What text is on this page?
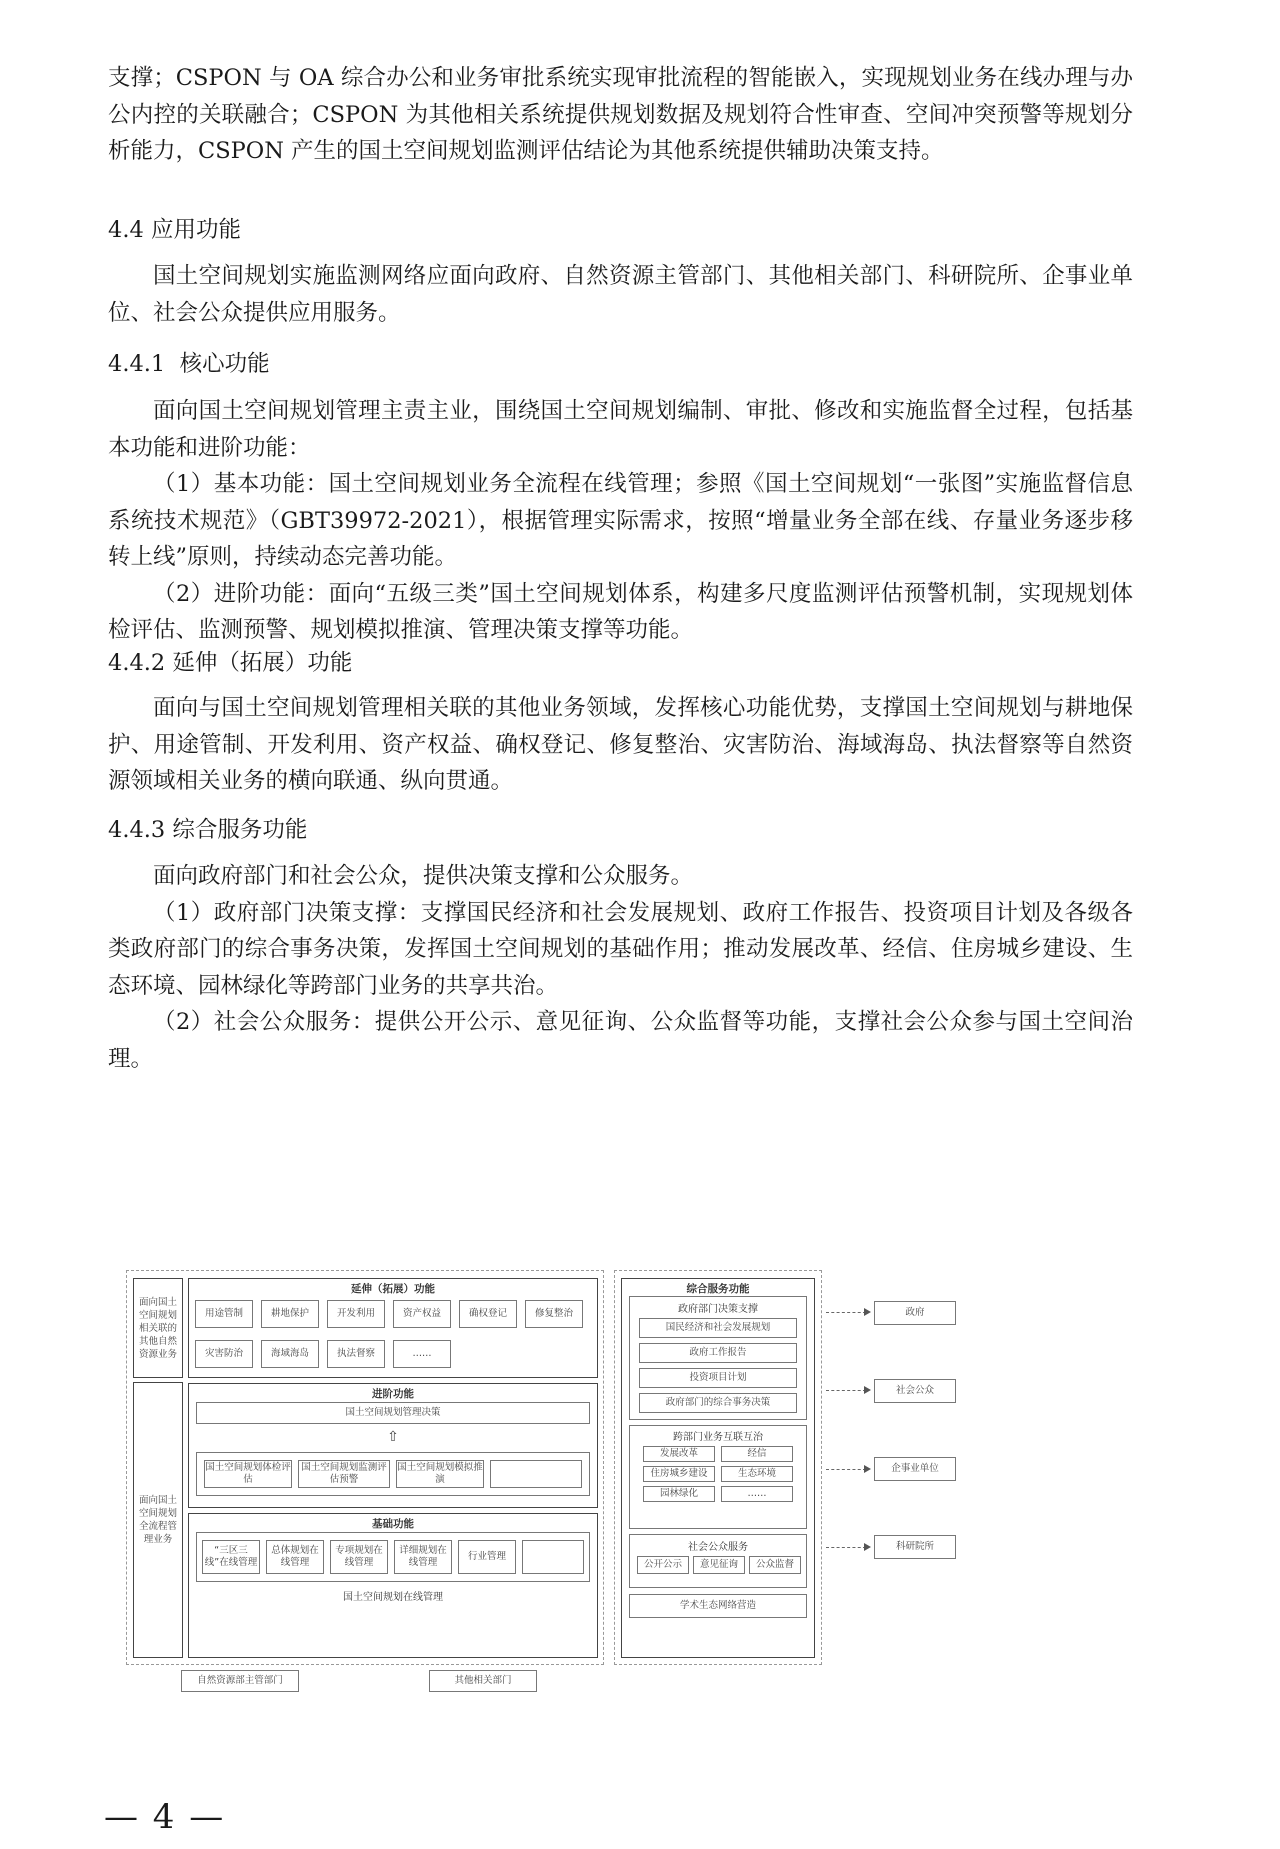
支撑；CSPON 与 OA 综合办公和业务审批系统实现审批流程的智能嵌入，实现规划业务在线办理与办公内控的关联融合；CSPON 为其他相关系统提供规划数据及规划符合性审查、空间冲突预警等规划分析能力，CSPON 产生的国土空间规划监测评估结论为其他系统提供辅助决策支持。

4.4 应用功能

国土空间规划实施监测网络应面向政府、自然资源主管部门、其他相关部门、科研院所、企事业单位、社会公众提供应用服务。

4.4.1 核心功能

面向国土空间规划管理主责主业，围绕国土空间规划编制、审批、修改和实施监督全过程，包括基本功能和进阶功能：

（1）基本功能：国土空间规划业务全流程在线管理；参照《国土空间规划“一张图”实施监督信息系统技术规范》（GBT39972-2021），根据管理实际需求，按照“增量业务全部在线、存量业务逐步移转上线”原则，持续动态完善功能。

（2）进阶功能：面向“五级三类”国土空间规划体系，构建多尺度监测评估预警机制，实现规划体检评估、监测预警、规划模拟推演、管理决策支撑等功能。

4.4.2 延伸（拓展）功能

面向与国土空间规划管理相关联的其他业务领域，发挥核心功能优势，支撑国土空间规划与耕地保护、用途管制、开发利用、资产权益、确权登记、修复整治、灾害防治、海域海岛、执法督察等自然资源领域相关业务的横向联通、纵向贯通。

4.4.3 综合服务功能

面向政府部门和社会公众，提供决策支撑和公众服务。

（1）政府部门决策支撑：支撑国民经济和社会发展规划、政府工作报告、投资项目计划及各级各类政府部门的综合事务决策，发挥国土空间规划的基础作用；推动发展改革、经信、住房城乡建设、生态环境、园林绿化等跨部门业务的共享共治。

（2）社会公众服务：提供公开公示、意见征询、公众监督等功能，支撑社会公众参与国土空间治理。

面向国土空间规划相关联的其他自然资源业务
面向国土空间规划全流程管理业务
延伸（拓展）功能
用途管制	耕地保护	开发利用	资产权益	确权登记	修复整治
灾害防治	海域海岛	执法督察	……
进阶功能
国土空间规划管理决策
⇧
国土空间规划体检评估
国土空间规划监测评估预警
国土空间规划模拟推演
基础功能
“三区三线”在线管理
总体规划在线管理
专项规划在线管理
详细规划在线管理
行业管理
国土空间规划在线管理
综合服务功能
政府部门决策支撑
国民经济和社会发展规划
政府工作报告
投资项目计划
政府部门的综合事务决策
跨部门业务互联互治
发展改革	经信
住房城乡建设	生态环境
园林绿化	……
社会公众服务
公开公示	意见征询	公众监督
学术生态网络营造
政府
社会公众
企事业单位
科研院所
自然资源部主管部门	其他相关部门
— 4 —
